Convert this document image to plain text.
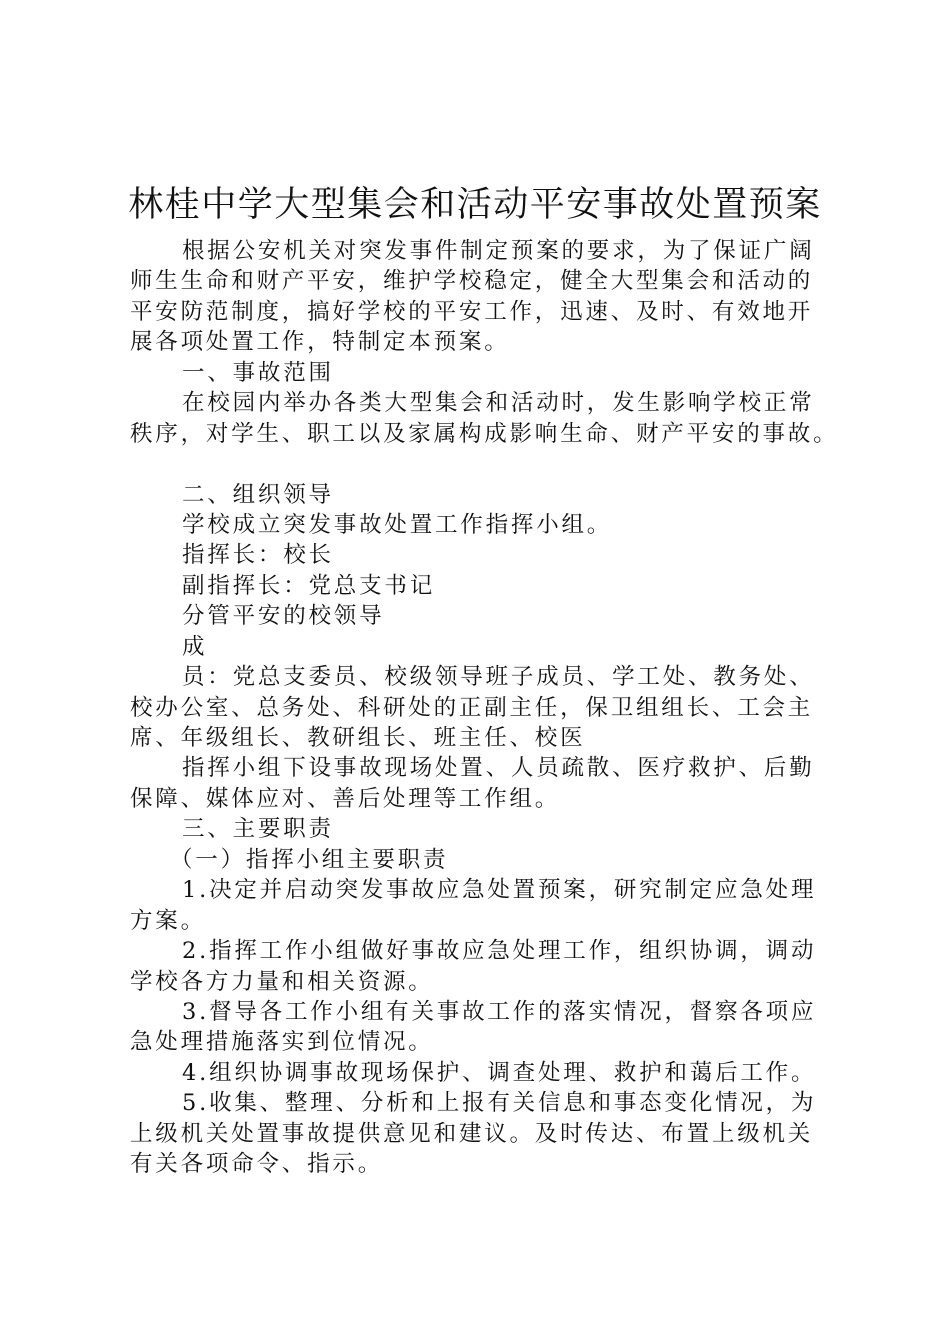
林桂中学大型集会和活动平安事故处置预案
根据公安机关对突发事件制定预案的要求，为了保证广阔
师生生命和财产平安，维护学校稳定，健全大型集会和活动的
平安防范制度，搞好学校的平安工作，迅速、及时、有效地开
展各项处置工作，特制定本预案。
一、事故范围
在校园内举办各类大型集会和活动时，发生影响学校正常
秩序，对学生、职工以及家属构成影响生命、财产平安的事故。
二、组织领导
学校成立突发事故处置工作指挥小组。
指挥长：校长
副指挥长：党总支书记
分管平安的校领导
成
员：党总支委员、校级领导班子成员、学工处、教务处、
校办公室、总务处、科研处的正副主任，保卫组组长、工会主
席、年级组长、教研组长、班主任、校医
指挥小组下设事故现场处置、人员疏散、医疗救护、后勤
保障、媒体应对、善后处理等工作组。
三、主要职责
（一）指挥小组主要职责
1.决定并启动突发事故应急处置预案，研究制定应急处理
方案。
2.指挥工作小组做好事故应急处理工作，组织协调，调动
学校各方力量和相关资源。
3.督导各工作小组有关事故工作的落实情况，督察各项应
急处理措施落实到位情况。
4.组织协调事故现场保护、调查处理、救护和蔼后工作。
5.收集、整理、分析和上报有关信息和事态变化情况，为
上级机关处置事故提供意见和建议。及时传达、布置上级机关
有关各项命令、指示。
